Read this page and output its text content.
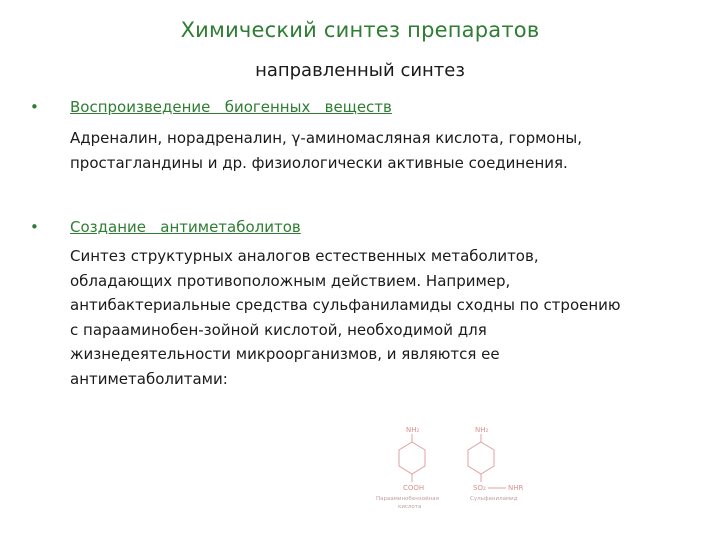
Химический синтез препаратов
направленный синтез
• Воспроизведение   биогенных   веществ
Адреналин, норадреналин, γ-аминомасляная кислота, гормоны,
простагландины и др. физиологически активные соединения.
• Создание   антиметаболитов
Синтез структурных аналогов естественных метаболитов,
обладающих противоположным действием. Например,
антибактериальные средства сульфаниламиды сходны по строению
с парааминобен-зойной кислотой, необходимой для
жизнедеятельности микроорганизмов, и являются ее
антиметаболитами:
NH₂
COOH
NH₂
SO₂	NHR
Парааминобензойная
кислота
Сульфаниламид
